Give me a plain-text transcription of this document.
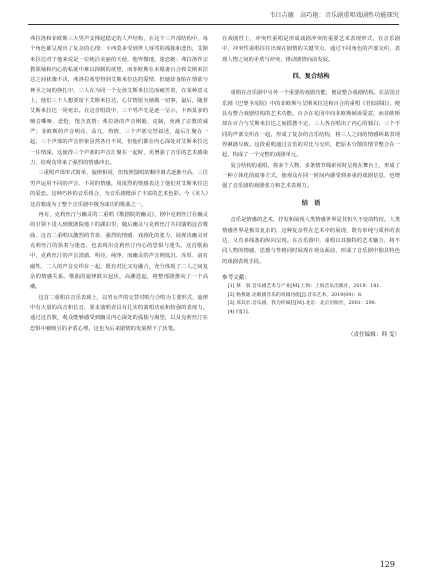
韦日吉德　高巧艳：音乐剧重唱戏剧性功能探究

弗拉洛和菲欧斯三大男声支撑起稳定的人声结构，在这个三声部结构中，每个角色都呈现出了复杂的心理：卡西莫多受到世人辱骂的孤独和悲伤，艾斯米拉达对于他来说是一位纯洁美丽的天使，他卑微地，迷恋她；弗拉洛作宗教领袖和内心的私欲中难以抑制的欲望，而菲欧斯在未婚妻百合和艾斯米拉达之间犹豫不决，弗洛拉希望得到艾斯米拉达的爱情，但她却身陷在情欲与神圣之间的挣扎中，三人在为同一个女孩艾斯米拉达而痛苦着，在某种意义上，他们三个人想要留下艾斯米拉达，心甘情愿为她做一切事，最后，随着艾斯米拉达一同死去。在这首唱段中，三个男声先是逐一呈示，卡西莫多的嗓音嘶哑、悲怆，饱含真情；弗拉洛的声音刚毅、克制，充满了宗教的威严；菲欧斯的声音明亮、高亢、热情，三个声部交替叙述，最后汇聚在一起。三个声部的声音形象虽然各自不同，但他们都在内心深处对艾斯米拉达一往情深，这使得三个声部的声音汇聚在一起时，更增强了音乐的艺术感染力，给观众带来了强烈的情感冲击。

三重唱声部形式简单、旋律相同，但按照演唱的顺序调式逐渐升高，三位男声运用不同的声音、不同的情感，用浓烈的情感表达了他们对艾斯米拉达的爱恋。这种巧妙的音乐组合，为音乐剧增添了丰富的艺术色彩。今《美人》这首歌成为了整个音乐剧中极为成功的歌曲之一。

再有，克莉丝汀与幽灵的二重唱《歌剧院的幽灵》，剧中克莉丝汀在幽灵的引领下进入到歌剧院地下的湖泊里，随后幽灵与克莉丝汀共同演唱这首歌曲，这首二重唱以激烈的节奏、强烈的情感、戏剧化的张力，展现出幽灵对克莉丝汀的执着与迷恋，也表现出克莉丝汀内心的恐惧与迷失。这首歌曲中，克莉丝汀的声音清澈、明亮、纯净，而幽灵的声音则低沉、浑厚、富有磁性，二人的声音交织在一起，既有对比又有融合，充分体现了二人之间复杂的情感关系。歌曲的旋律跌宕起伏，高潮迭起，将整部剧推向了一个高潮。

这首二重唱在音乐表现上，以男女声的交替对唱与合唱为主要形式，旋律中有大量的高音和长音，要求演唱者具有扎实的演唱功底和较强的表现力。通过这首歌，观众能够感受到幽灵内心深处的孤独与渴望，以及克莉丝汀在恐惧中被吸引的矛盾心理，这也为后来剧情的发展埋下了伏笔。

在戏剧性上，冲突性重唱是形成戏剧冲突的重要艺术表现形式，在音乐剧中，冲突性重唱往往出现在剧情的关键节点，通过不同角色的声部交织，表现人物之间的矛盾与冲突，推动剧情向前发展。

四、复合结构

重唱在音乐剧中另外一个重要的戏剧功能，便是整合戏剧结构。在法国音乐剧《巴黎圣母院》中的菲欧斯与艾斯米拉达和百合的重唱《君似骄阳》，便具有整合戏剧结构的艺术功能。百合在花园中向菲欧斯倾诉爱意，而菲欧斯却在百合与艾斯米拉达之间摇摆不定，三人各自唱出了内心的独白，三个不同的声部交织在一起，形成了复杂的音乐结构，将三人之间的情感纠葛表现得淋漓尽致。这段重唱通过音乐的对比与交织，把原本分散的情节整合在一起，构成了一个完整的戏剧单元。

复合结构的重唱，将多个人物、多条情节线索同时呈现在舞台上，形成了一种立体化的叙事方式，使观众在同一时间内感受到多重的戏剧信息，也增强了音乐剧的戏剧张力和艺术表现力。

结　语

音乐是情感的艺术，抒发和展现人类情感世界是其恒久不变的特征。人类情感世界是极其复杂的，这种复杂性在艺术中的展现，既有单纯与质朴的表达，又有多线条的纵向呈现。在音乐剧中，重唱以其独特的艺术魅力，将不同人物的情感、思想与性格同时展现在观众面前，形成了音乐剧中独具特色的戏剧表现手段。

参考文献：

[1] 慕　羽.音乐剧艺术与产业[M].上海：上海音乐出版社，2019：181.

[2] 杨燕迪.论歌剧音乐的戏剧功能[J].音乐艺术，2019(04)：6.

[3] 邓其宏.音乐剧，我为你疯狂[M].北京：北京出版社，2001：290.

[4] 同[1].

（责任编辑：韩 雯）

129
